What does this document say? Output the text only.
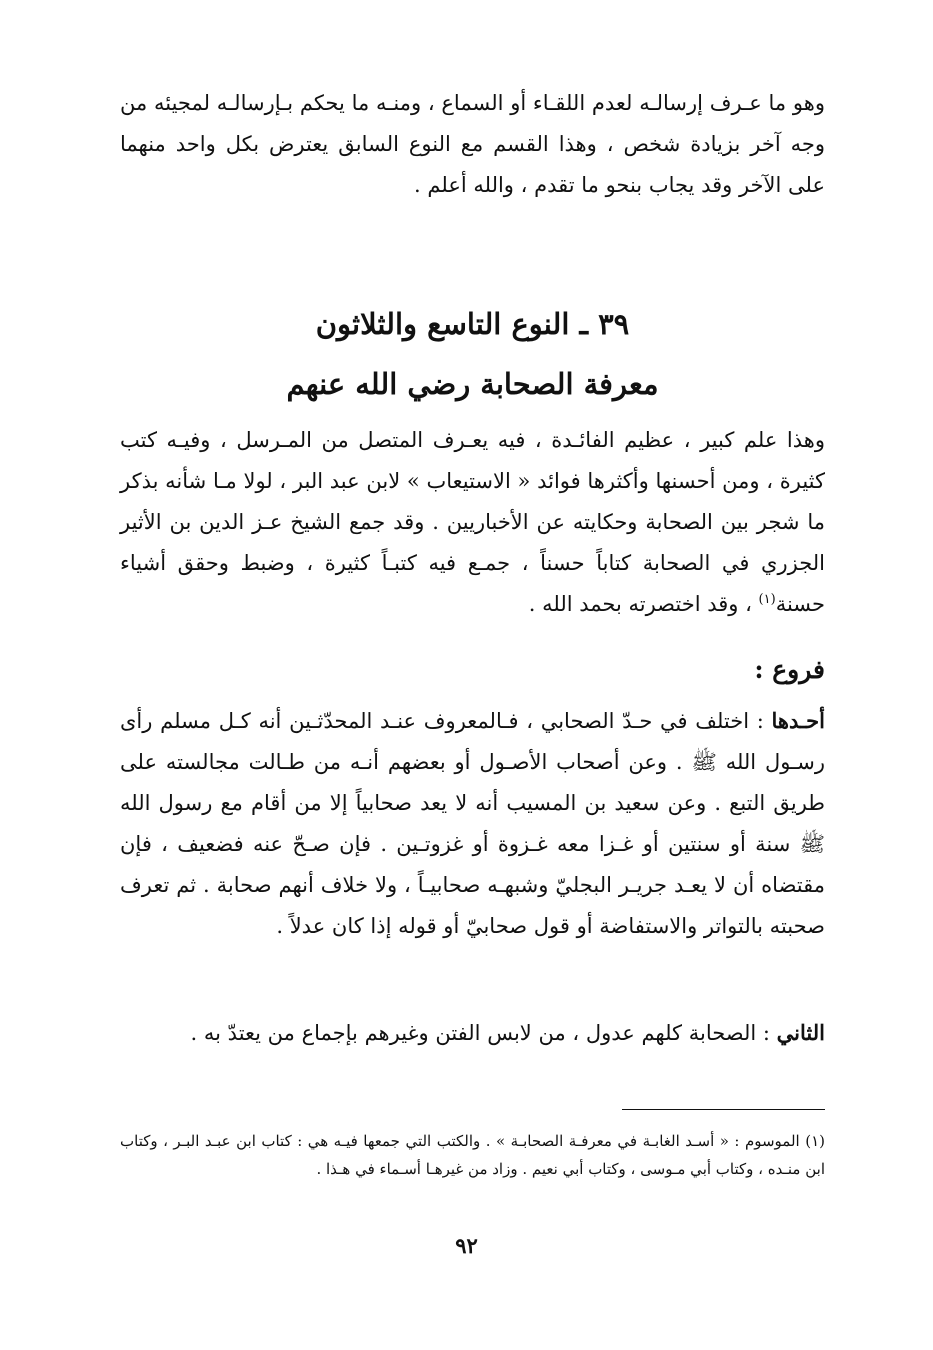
وهو ما عـرف إرسالـه لعدم اللقـاء أو السماع ، ومنـه ما يحكم بـإرسالـه لمجيئه من وجه آخر بزيادة شخص ، وهذا القسم مع النوع السابق يعترض بكل واحد منهما على الآخر وقد يجاب بنحو ما تقدم ، والله أعلم .

٣٩ ـ النوع التاسع والثلاثون
معرفة الصحابة رضي الله عنهم

وهذا علم كبير ، عظيم الفائـدة ، فيه يعـرف المتصل من المـرسل ، وفيـه كتب كثيرة ، ومن أحسنها وأكثرها فوائد « الاستيعاب » لابن عبد البر ، لولا مـا شأنه بذكر ما شجر بين الصحابة وحكايته عن الأخباريين . وقد جمع الشيخ عـز الدين بن الأثير الجزري في الصحابة كتاباً حسناً ، جمـع فيه كتبـاً كثيرة ، وضبط وحقق أشياء حسنة$^{(١)}$ ، وقد اختصرته بحمد الله .

فروع :

أحـدها : اختلف في حـدّ الصحابي ، فـالمعروف عنـد المحدّثـين أنه كـل مسلم رأى رسـول الله ﷺ . وعن أصحاب الأصـول أو بعضهم أنـه من طـالت مجالسته على طريق التبع . وعن سعيد بن المسيب أنه لا يعد صحابياً إلا من أقام مع رسول الله ﷺ سنة أو سنتين أو غـزا معه غـزوة أو غزوتـين . فإن صـحّ عنه فضعيف ، فإن مقتضاه أن لا يعـد جريـر البجليّ وشبهـه صحابيـاً ، ولا خلاف أنهم صحابة . ثم تعرف صحبته بالتواتر والاستفاضة أو قول صحابيّ أو قوله إذا كان عدلاً .

الثاني : الصحابة كلهم عدول ، من لابس الفتن وغيرهم بإجماع من يعتدّ به .

(١) الموسوم : « أسـد الغابـة في معرفـة الصحابـة » . والكتب التي جمعها فيـه هي : كتاب ابن عبـد البـر ، وكتاب ابن منـده ، وكتاب أبي مـوسى ، وكتاب أبي نعيم . وزاد من غيرهـا أسـماء في هـذا .

٩٢
